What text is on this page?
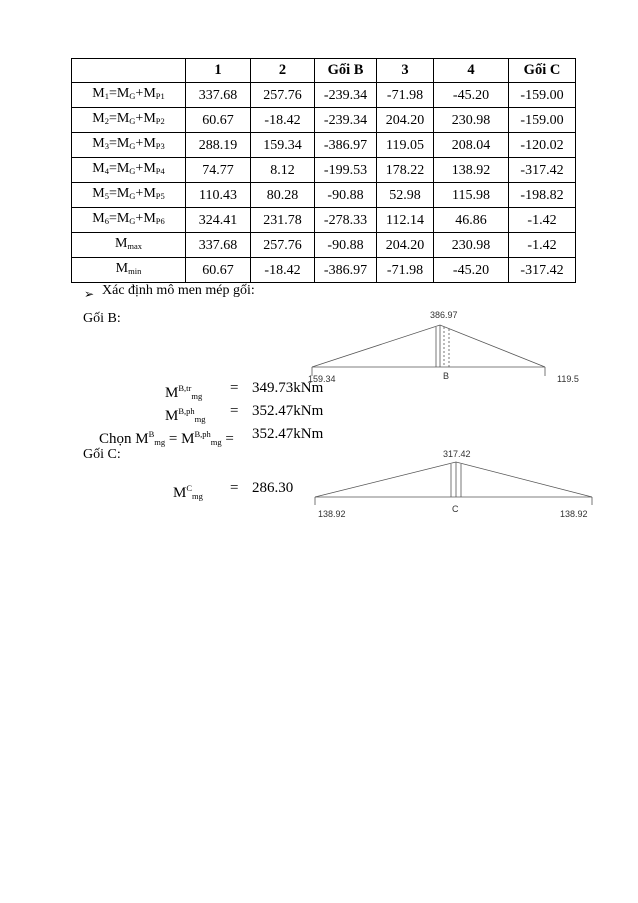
	1	2	Gối B	3	4	Gối C
$M_1=M_G+M_{P1}$	337.68	257.76	-239.34	-71.98	-45.20	-159.00
$M_2=M_G+M_{P2}$	60.67	-18.42	-239.34	204.20	230.98	-159.00
$M_3=M_G+M_{P3}$	288.19	159.34	-386.97	119.05	208.04	-120.02
$M_4=M_G+M_{P4}$	74.77	8.12	-199.53	178.22	138.92	-317.42
$M_5=M_G+M_{P5}$	110.43	80.28	-90.88	52.98	115.98	-198.82
$M_6=M_G+M_{P6}$	324.41	231.78	-278.33	112.14	46.86	-1.42
$M_{max}$	337.68	257.76	-90.88	204.20	230.98	-1.42
$M_{min}$	60.67	-18.42	-386.97	-71.98	-45.20	-317.42
➢ Xác định mô men mép gối:
Gối B:
Gối C:
$M^{B,tr}_{mg} = 349.73kNm$
$M^{B,ph}_{mg} = 352.47kNm$
Chọn $M^B_{mg} = M^{B,ph}_{mg} = 352.47kNm$
$M^C_{mg} = 286.30$
386.97
159.34	119.5
B
317.42
138.92	138.92
C
